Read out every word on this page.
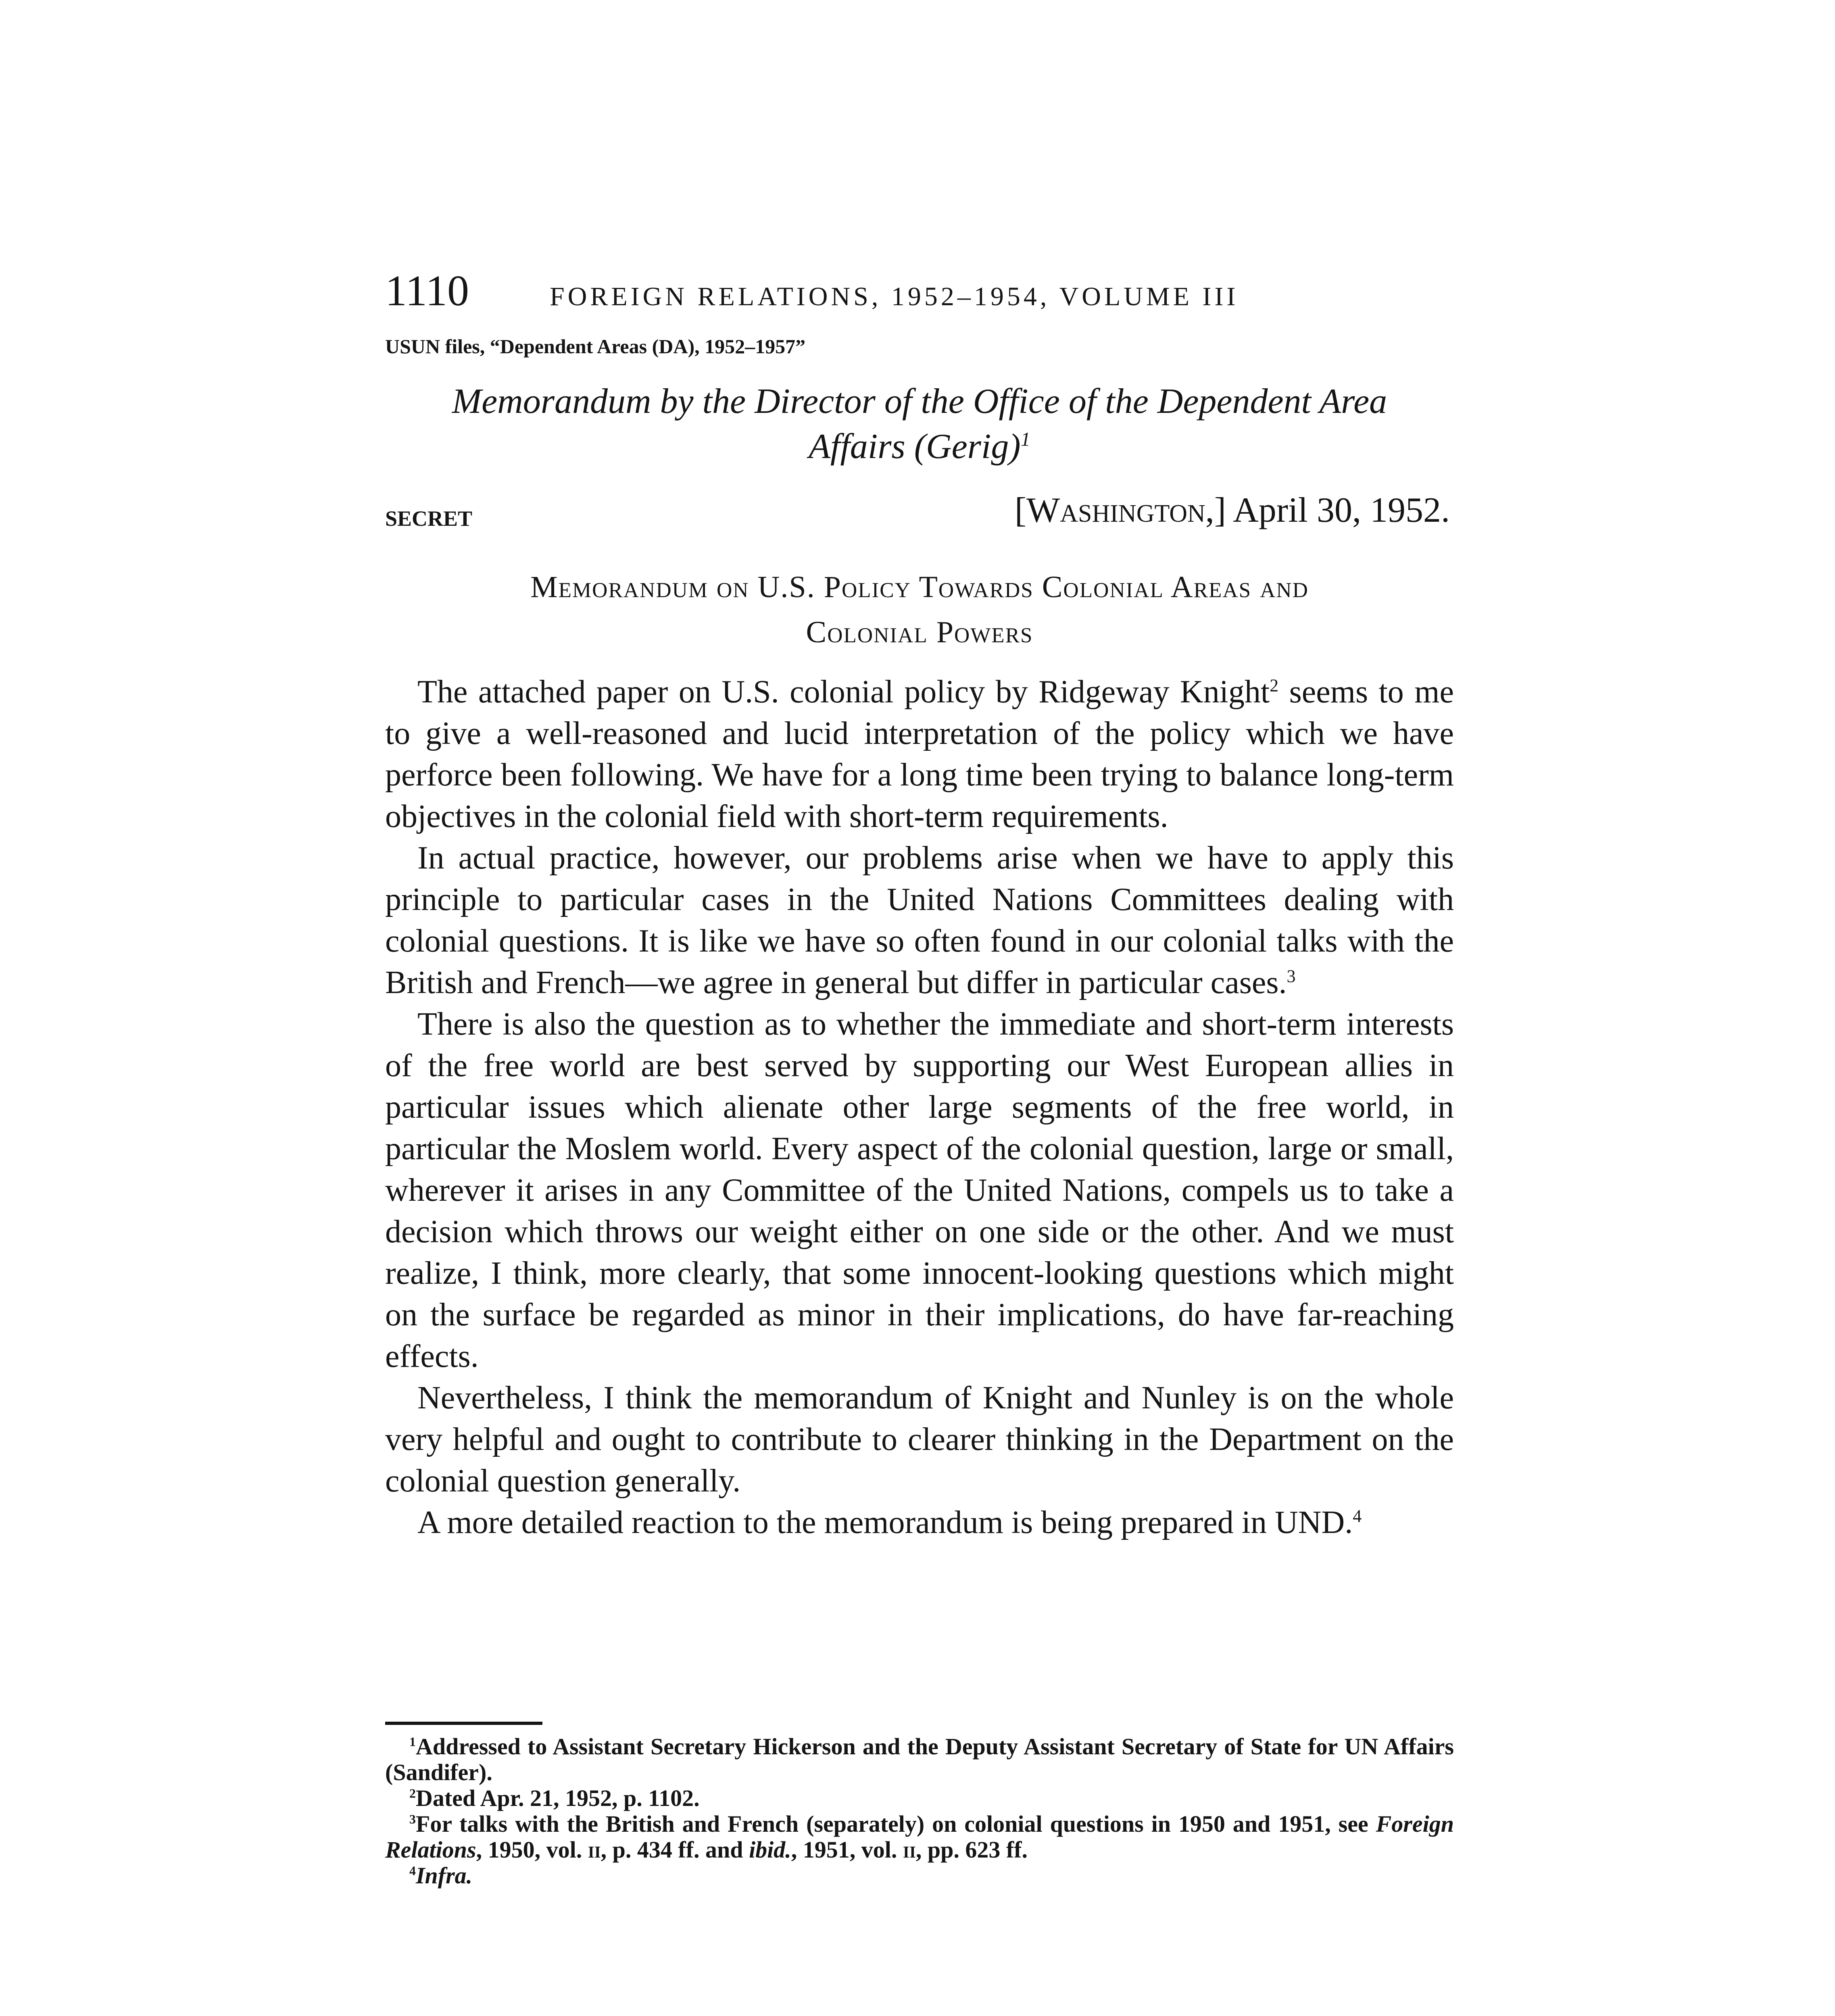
1110	FOREIGN RELATIONS, 1952–1954, VOLUME III
USUN files, “Dependent Areas (DA), 1952–1957”
Memorandum by the Director of the Office of the Dependent Area
Affairs (Gerig)$^1$
SECRET	[Washington,] April 30, 1952.
Memorandum on U.S. Policy Towards Colonial Areas and
Colonial Powers

The attached paper on U.S. colonial policy by Ridgeway Knight$^2$ seems to me to give a well-reasoned and lucid interpretation of the policy which we have perforce been following. We have for a long time been trying to balance long-term objectives in the colonial field with short-term requirements.

In actual practice, however, our problems arise when we have to apply this principle to particular cases in the United Nations Committees dealing with colonial questions. It is like we have so often found in our colonial talks with the British and French—we agree in general but differ in particular cases.$^3$

There is also the question as to whether the immediate and short-term interests of the free world are best served by supporting our West European allies in particular issues which alienate other large segments of the free world, in particular the Moslem world. Every aspect of the colonial question, large or small, wherever it arises in any Committee of the United Nations, compels us to take a decision which throws our weight either on one side or the other. And we must realize, I think, more clearly, that some innocent-looking questions which might on the surface be regarded as minor in their implications, do have far-reaching effects.

Nevertheless, I think the memorandum of Knight and Nunley is on the whole very helpful and ought to contribute to clearer thinking in the Department on the colonial question generally.

A more detailed reaction to the memorandum is being prepared in UND.$^4$

$^1$Addressed to Assistant Secretary Hickerson and the Deputy Assistant Secretary of State for UN Affairs (Sandifer).

$^2$Dated Apr. 21, 1952, p. 1102.

$^3$For talks with the British and French (separately) on colonial questions in 1950 and 1951, see Foreign Relations, 1950, vol. ii, p. 434 ff. and ibid., 1951, vol. ii, pp. 623 ff.

$^4$Infra.
